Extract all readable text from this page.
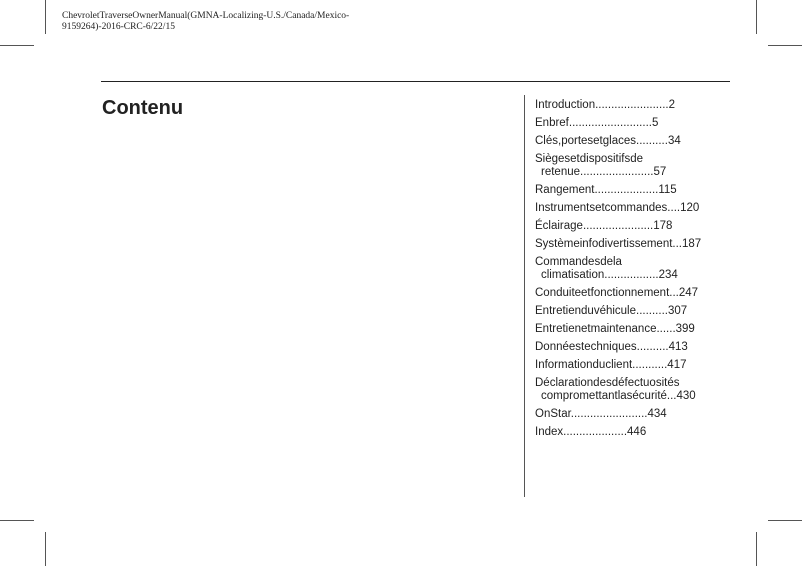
ChevroletTraverseOwnerManual(GMNA-Localizing-U.S./Canada/Mexico-
9159264)-2016-CRC-6/22/15
Contenu	Introduction.......................2
Enbref..........................5
Clés,portesetglaces..........34
Sièges​et​dispositifs​de
retenue.......................57
Rangement....................115
Instrumentsetcommandes....120
Éclairage......................178
Systèmeinfodivertissement...187
Commandesdela
climatisation.................234
Conduiteetfonctionnement...247
Entretienduvéhicule..........307
Entretienetmaintenance......399
Donnéestechniques..........413
Informationduclient...........417
Déclarationdesdéfectuosités
compromettantlasécurité...430
OnStar........................434
Index....................446
